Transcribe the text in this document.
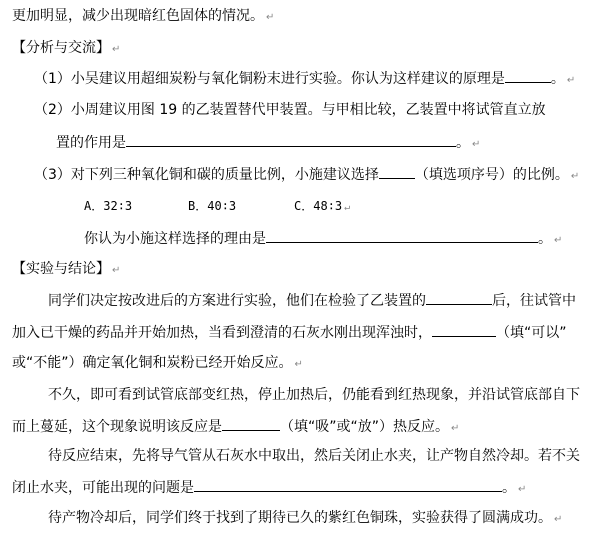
更加明显，减少出现暗红色固体的情况。 ↵
【分析与交流】 ↵
（1）小吴建议用超细炭粉与氧化铜粉末进行实验。你认为这样建议的原理是	。 ↵
（2）小周建议用图 19 的乙装置替代甲装置。与甲相比较，乙装置中将试管直立放
置的作用是	。 ↵
（3）对下列三种氧化铜和碳的质量比例，小施建议选择	（填选项序号）的比例。 ↵
A．32∶3	B．40∶3	C．48∶3 ↵
你认为小施这样选择的理由是	。 ↵
【实验与结论】 ↵
同学们决定按改进后的方案进行实验，他们在检验了乙装置的	后，往试管中
加入已干燥的药品并开始加热，当看到澄清的石灰水刚出现浑浊时，	（填“可以”
或“不能”）确定氧化铜和炭粉已经开始反应。 ↵
不久，即可看到试管底部变红热，停止加热后，仍能看到红热现象，并沿试管底部自下
而上蔓延，这个现象说明该反应是	（填“吸”或“放”）热反应。 ↵
待反应结束，先将导气管从石灰水中取出，然后关闭止水夹，让产物自然冷却。若不关
闭止水夹，可能出现的问题是	。 ↵
待产物冷却后，同学们终于找到了期待已久的紫红色铜珠，实验获得了圆满成功。 ↵
